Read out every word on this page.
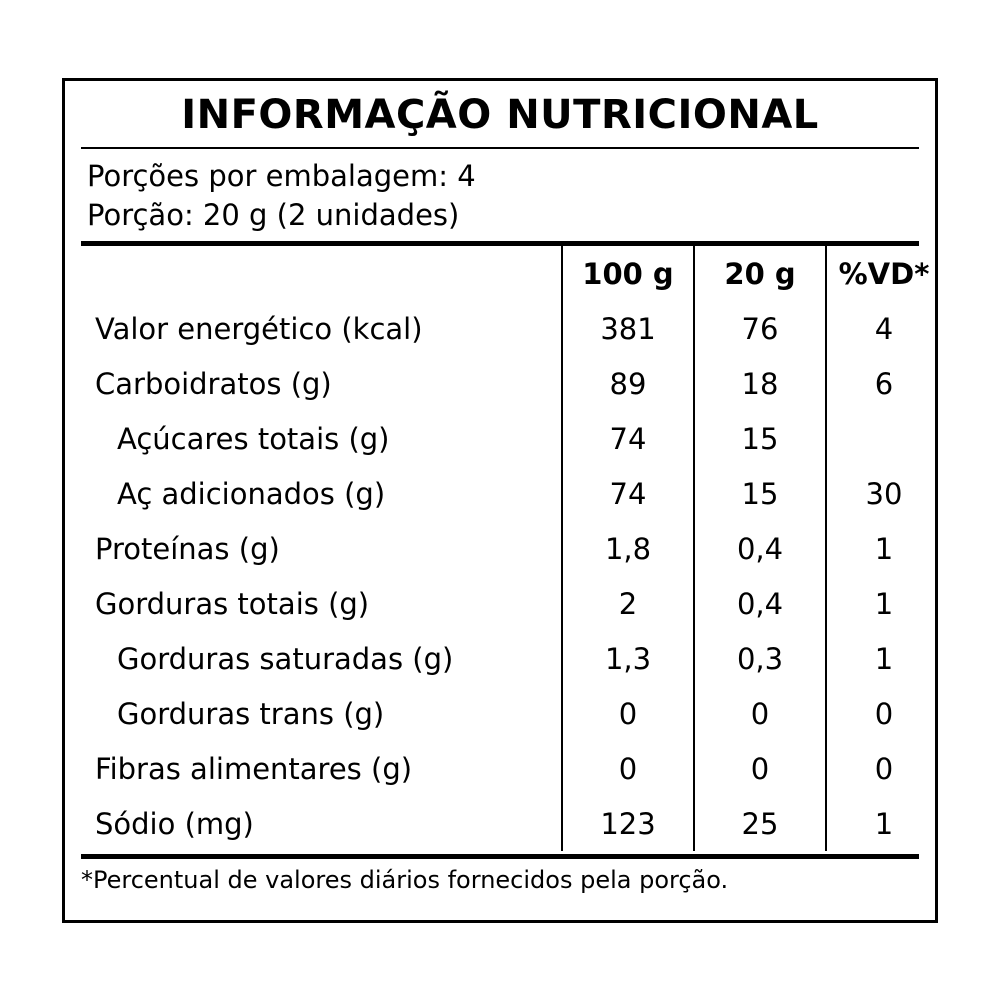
INFORMAÇÃO NUTRICIONAL
Porções por embalagem: 4
Porção: 20 g (2 unidades)
	100 g	20 g	%VD*
Valor energético (kcal)	381	76	4
Carboidratos (g)	89	18	6
Açúcares totais (g)	74	15	
Aç adicionados (g)	74	15	30
Proteínas (g)	1,8	0,4	1
Gorduras totais (g)	2	0,4	1
Gorduras saturadas (g)	1,3	0,3	1
Gorduras trans (g)	0	0	0
Fibras alimentares (g)	0	0	0
Sódio (mg)	123	25	1
*Percentual de valores diários fornecidos pela porção.
